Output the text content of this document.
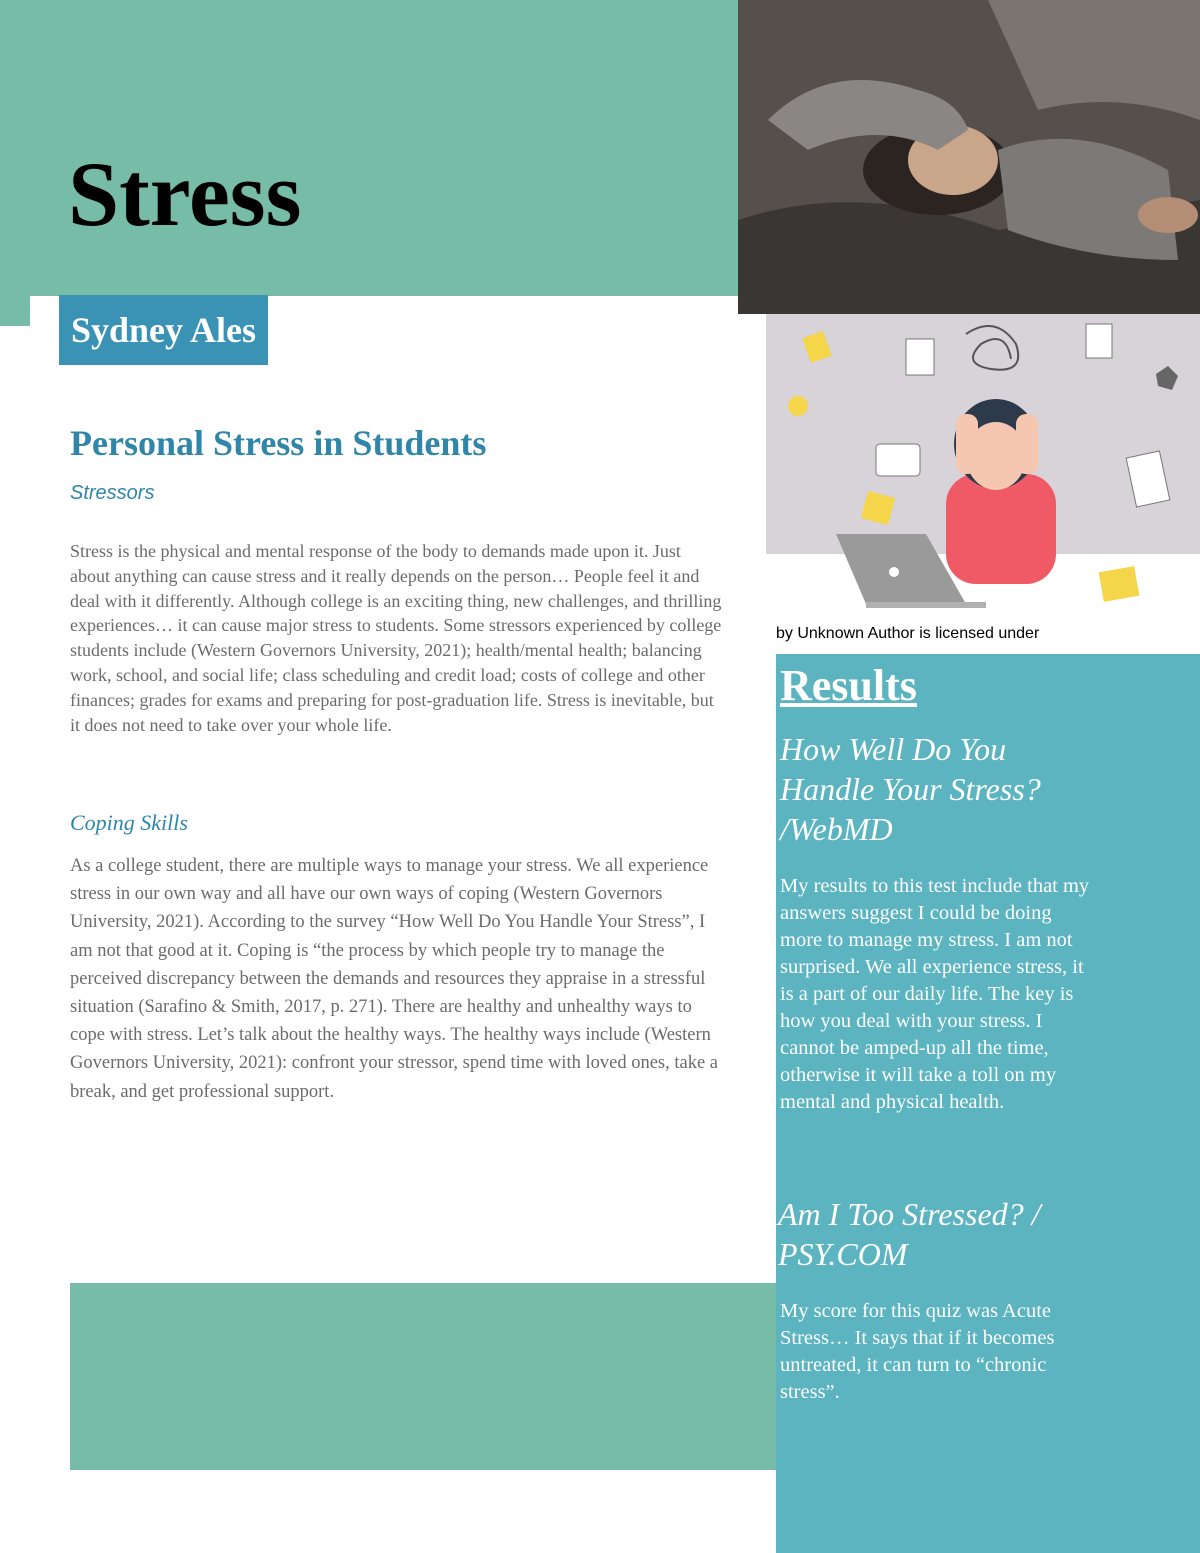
Stress
Sydney Ales
Personal Stress in Students

Stressors

Stress is the physical and mental response of the body to demands made upon it. Just about anything can cause stress and it really depends on the person… People feel it and deal with it differently. Although college is an exciting thing, new challenges, and thrilling experiences… it can cause major stress to students. Some stressors experienced by college students include (Western Governors University, 2021); health/mental health; balancing work, school, and social life; class scheduling and credit load; costs of college and other finances; grades for exams and preparing for post-graduation life. Stress is inevitable, but it does not need to take over your whole life.

Coping Skills

As a college student, there are multiple ways to manage your stress. We all experience stress in our own way and all have our own ways of coping (Western Governors University, 2021). According to the survey “How Well Do You Handle Your Stress”, I am not that good at it. Coping is “the process by which people try to manage the perceived discrepancy between the demands and resources they appraise in a stressful situation (Sarafino & Smith, 2017, p. 271). There are healthy and unhealthy ways to cope with stress. Let’s talk about the healthy ways. The healthy ways include (Western Governors University, 2021): confront your stressor, spend time with loved ones, take a break, and get professional support.

by Unknown Author is licensed under

Results

How Well Do You Handle Your Stress? /WebMD

My results to this test include that my answers suggest I could be doing more to manage my stress. I am not surprised. We all experience stress, it is a part of our daily life. The key is how you deal with your stress. I cannot be amped-up all the time, otherwise it will take a toll on my mental and physical health.

Am I Too Stressed? / PSY.COM

My score for this quiz was Acute Stress… It says that if it becomes untreated, it can turn to “chronic stress”.
